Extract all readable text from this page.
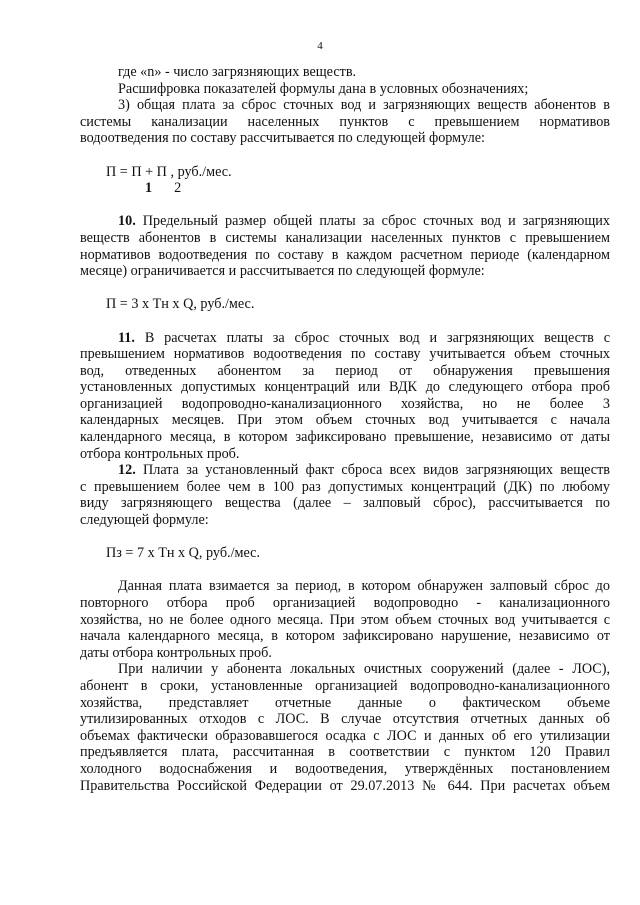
4
где «n» - число загрязняющих веществ.
Расшифровка показателей формулы дана в условных обозначениях;
3) общая плата за сброс сточных вод и загрязняющих веществ абонентов в
системы канализации населенных пунктов с превышением нормативов
водоотведения по составу рассчитывается по следующей формуле:
П = П + П , руб./мес.
1 2
10. Предельный размер общей платы за сброс сточных вод и загрязняющих
веществ абонентов в системы канализации населенных пунктов с превышением
нормативов водоотведения по составу в каждом расчетном периоде (календарном
месяце) ограничивается и рассчитывается по следующей формуле:
П = 3 х Тн х Q, руб./мес.
11. В расчетах платы за сброс сточных вод и загрязняющих веществ с
превышением нормативов водоотведения по составу учитывается объем сточных
вод, отведенных абонентом за период от обнаружения превышения
установленных допустимых концентраций или ВДК до следующего отбора проб
организацией водопроводно-канализационного хозяйства, но не более 3
календарных месяцев. При этом объем сточных вод учитывается с начала
календарного месяца, в котором зафиксировано превышение, независимо от даты
отбора контрольных проб.
12. Плата за установленный факт сброса всех видов загрязняющих веществ
с превышением более чем в 100 раз допустимых концентраций (ДК) по любому
виду загрязняющего вещества (далее – залповый сброс), рассчитывается по
следующей формуле:
Пз = 7 х Тн х Q, руб./мес.
Данная плата взимается за период, в котором обнаружен залповый сброс до
повторного отбора проб организацией водопроводно - канализационного
хозяйства, но не более одного месяца. При этом объем сточных вод учитывается с
начала календарного месяца, в котором зафиксировано нарушение, независимо от
даты отбора контрольных проб.
При наличии у абонента локальных очистных сооружений (далее - ЛОС),
абонент в сроки, установленные организацией водопроводно-канализационного
хозяйства, представляет отчетные данные о фактическом объеме
утилизированных отходов с ЛОС. В случае отсутствия отчетных данных об
объемах фактически образовавшегося осадка с ЛОС и данных об его утилизации
предъявляется плата, рассчитанная в соответствии с пунктом 120 Правил
холодного водоснабжения и водоотведения, утверждённых постановлением
Правительства Российской Федерации от 29.07.2013 № 644. При расчетах объем
